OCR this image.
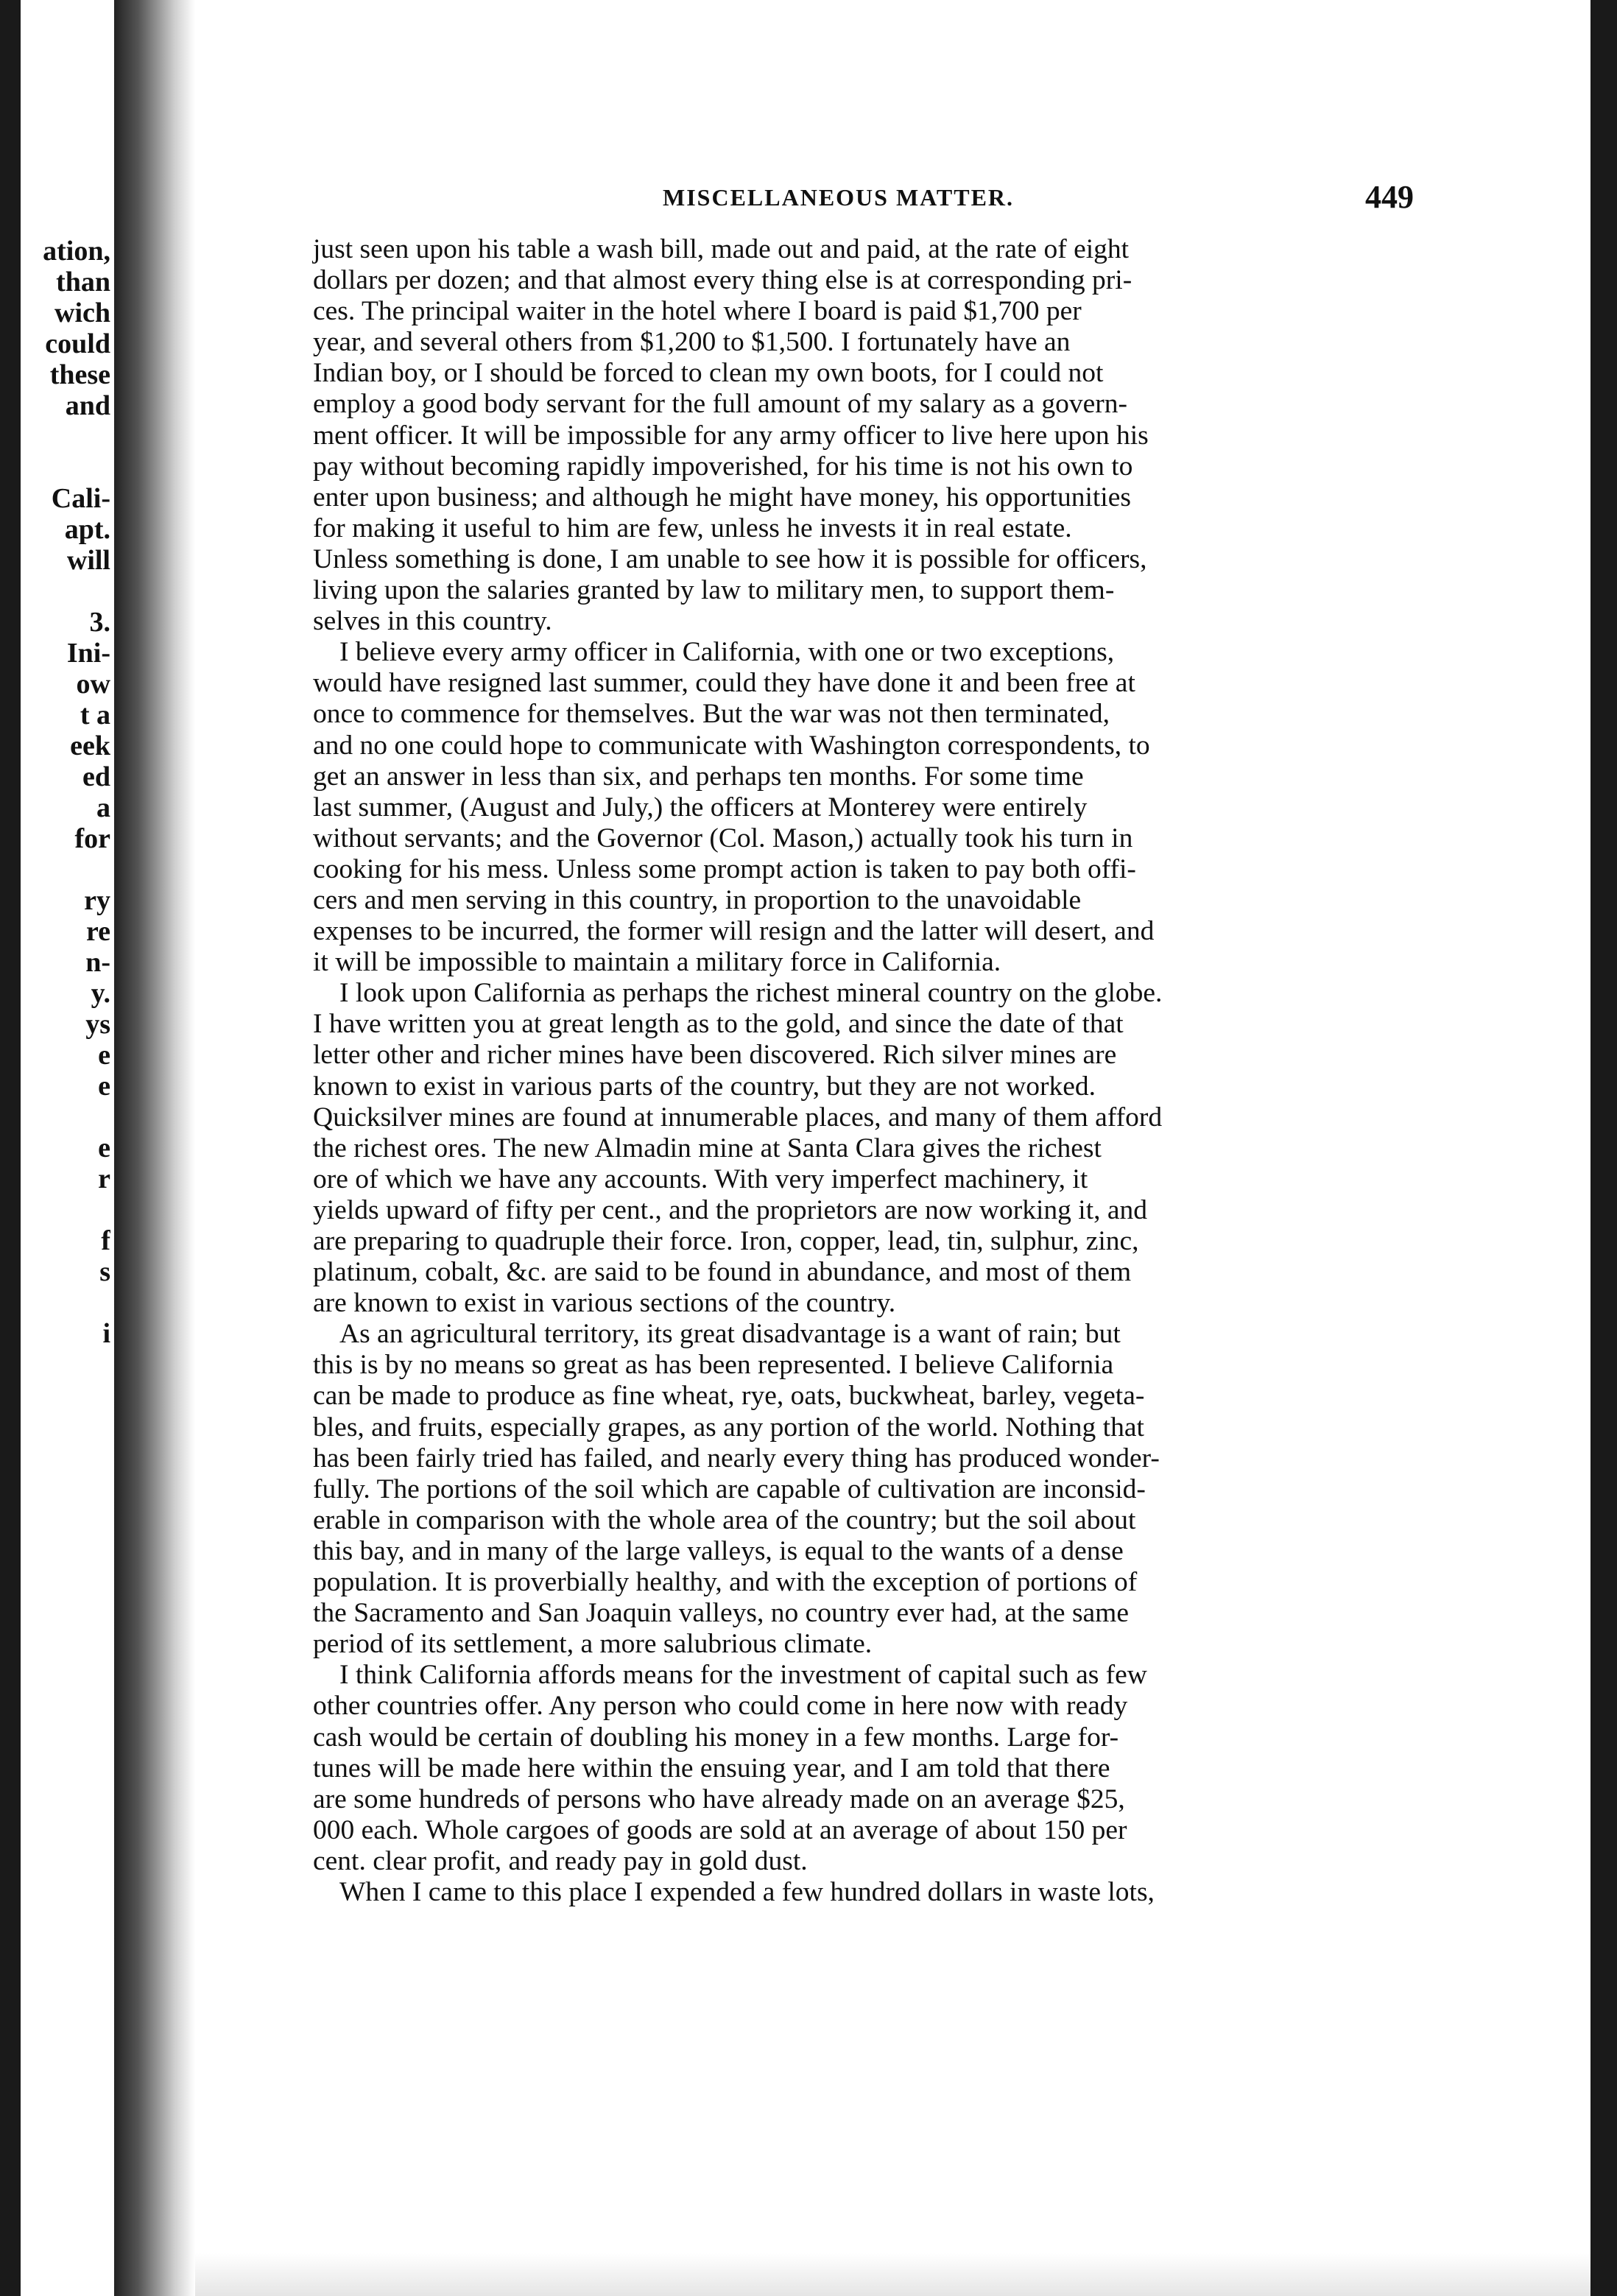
ation,
than
wich
could
these
and
Cali-
apt.
will
3.
Ini-
ow
t a
eek
ed
a
for
ry
re
n-
y.
ys
e
e
e
r
f
s
i
MISCELLANEOUS MATTER.	449
just seen upon his table a wash bill, made out and paid, at the rate of eight
dollars per dozen; and that almost every thing else is at corresponding pri-
ces. The principal waiter in the hotel where I board is paid $1,700 per
year, and several others from $1,200 to $1,500. I fortunately have an
Indian boy, or I should be forced to clean my own boots, for I could not
employ a good body servant for the full amount of my salary as a govern-
ment officer. It will be impossible for any army officer to live here upon his
pay without becoming rapidly impoverished, for his time is not his own to
enter upon business; and although he might have money, his opportunities
for making it useful to him are few, unless he invests it in real estate.
Unless something is done, I am unable to see how it is possible for officers,
living upon the salaries granted by law to military men, to support them-
selves in this country.
I believe every army officer in California, with one or two exceptions,
would have resigned last summer, could they have done it and been free at
once to commence for themselves. But the war was not then terminated,
and no one could hope to communicate with Washington correspondents, to
get an answer in less than six, and perhaps ten months. For some time
last summer, (August and July,) the officers at Monterey were entirely
without servants; and the Governor (Col. Mason,) actually took his turn in
cooking for his mess. Unless some prompt action is taken to pay both offi-
cers and men serving in this country, in proportion to the unavoidable
expenses to be incurred, the former will resign and the latter will desert, and
it will be impossible to maintain a military force in California.
I look upon California as perhaps the richest mineral country on the globe.
I have written you at great length as to the gold, and since the date of that
letter other and richer mines have been discovered. Rich silver mines are
known to exist in various parts of the country, but they are not worked.
Quicksilver mines are found at innumerable places, and many of them afford
the richest ores. The new Almadin mine at Santa Clara gives the richest
ore of which we have any accounts. With very imperfect machinery, it
yields upward of fifty per cent., and the proprietors are now working it, and
are preparing to quadruple their force. Iron, copper, lead, tin, sulphur, zinc,
platinum, cobalt, &c. are said to be found in abundance, and most of them
are known to exist in various sections of the country.
As an agricultural territory, its great disadvantage is a want of rain; but
this is by no means so great as has been represented. I believe California
can be made to produce as fine wheat, rye, oats, buckwheat, barley, vegeta-
bles, and fruits, especially grapes, as any portion of the world. Nothing that
has been fairly tried has failed, and nearly every thing has produced wonder-
fully. The portions of the soil which are capable of cultivation are inconsid-
erable in comparison with the whole area of the country; but the soil about
this bay, and in many of the large valleys, is equal to the wants of a dense
population. It is proverbially healthy, and with the exception of portions of
the Sacramento and San Joaquin valleys, no country ever had, at the same
period of its settlement, a more salubrious climate.
I think California affords means for the investment of capital such as few
other countries offer. Any person who could come in here now with ready
cash would be certain of doubling his money in a few months. Large for-
tunes will be made here within the ensuing year, and I am told that there
are some hundreds of persons who have already made on an average $25,
000 each. Whole cargoes of goods are sold at an average of about 150 per
cent. clear profit, and ready pay in gold dust.
When I came to this place I expended a few hundred dollars in waste lots,
